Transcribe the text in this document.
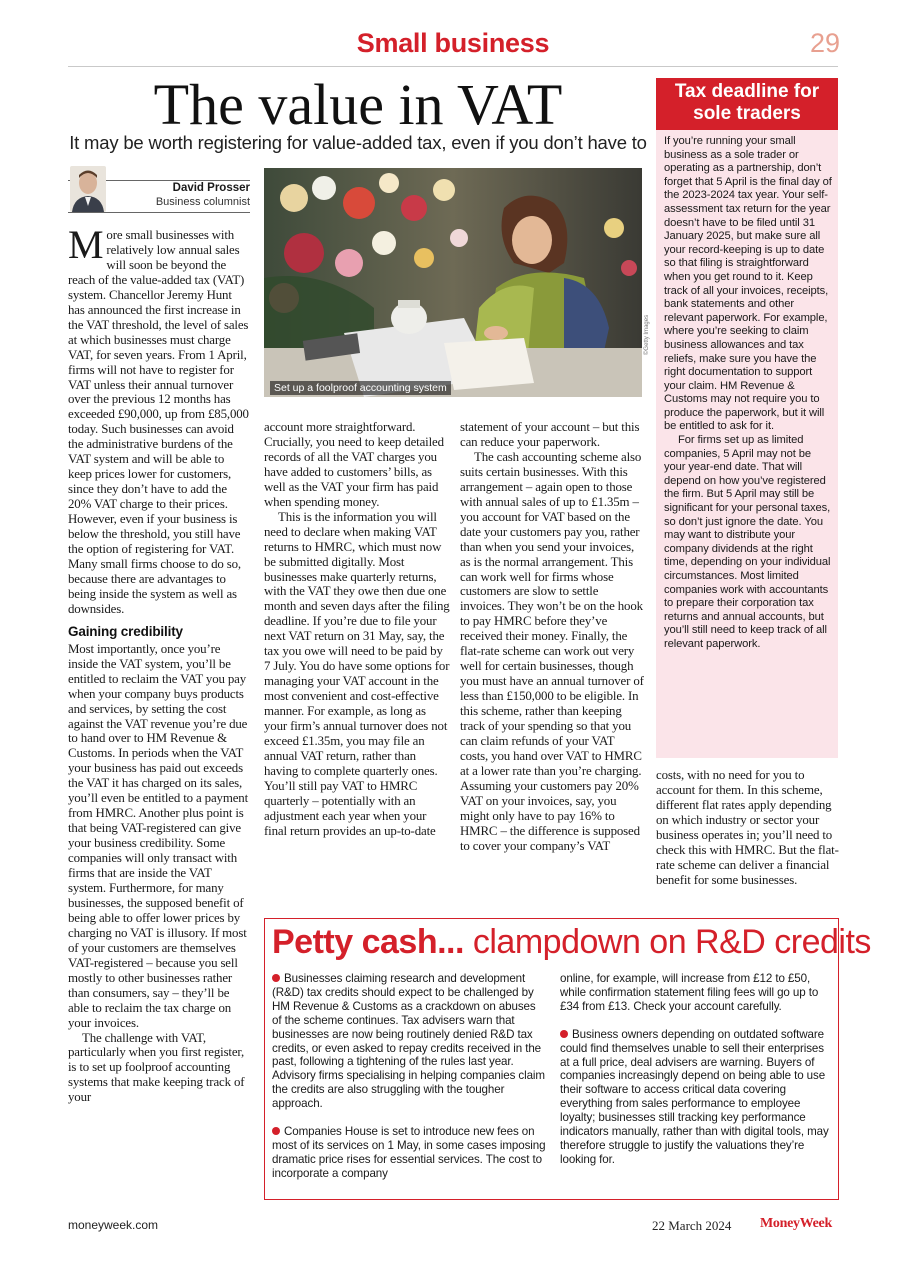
Small business	29
The value in VAT
It may be worth registering for value-added tax, even if you don’t have to
David Prosser
Business columnist

More small businesses with relatively low annual sales will soon be beyond the reach of the value-added tax (VAT) system. Chancellor Jeremy Hunt has announced the first increase in the VAT threshold, the level of sales at which businesses must charge VAT, for seven years. From 1 April, firms will not have to register for VAT unless their annual turnover over the previous 12 months has exceeded £90,000, up from £85,000 today. Such businesses can avoid the administrative burdens of the VAT system and will be able to keep prices lower for customers, since they don’t have to add the 20% VAT charge to their prices. However, even if your business is below the threshold, you still have the option of registering for VAT. Many small firms choose to do so, because there are advantages to being inside the system as well as downsides.

Gaining credibility

Most importantly, once you’re inside the VAT system, you’ll be entitled to reclaim the VAT you pay when your company buys products and services, by setting the cost against the VAT revenue you’re due to hand over to HM Revenue & Customs. In periods when the VAT your business has paid out exceeds the VAT it has charged on its sales, you’ll even be entitled to a payment from HMRC. Another plus point is that being VAT-registered can give your business credibility. Some companies will only transact with firms that are inside the VAT system. Furthermore, for many businesses, the supposed benefit of being able to offer lower prices by charging no VAT is illusory. If most of your customers are themselves VAT-registered – because you sell mostly to other businesses rather than consumers, say – they’ll be able to reclaim the tax charge on your invoices.

The challenge with VAT, particularly when you first register, is to set up foolproof accounting systems that make keeping track of your

Set up a foolproof accounting system
©Getty Images

account more straightforward. Crucially, you need to keep detailed records of all the VAT charges you have added to customers’ bills, as well as the VAT your firm has paid when spending money.

This is the information you will need to declare when making VAT returns to HMRC, which must now be submitted digitally. Most businesses make quarterly returns, with the VAT they owe then due one month and seven days after the filing deadline. If you’re due to file your next VAT return on 31 May, say, the tax you owe will need to be paid by 7 July. You do have some options for managing your VAT account in the most convenient and cost-effective manner. For example, as long as your firm’s annual turnover does not exceed £1.35m, you may file an annual VAT return, rather than having to complete quarterly ones. You’ll still pay VAT to HMRC quarterly – potentially with an adjustment each year when your final return provides an up-to-date

statement of your account – but this can reduce your paperwork.

The cash accounting scheme also suits certain businesses. With this arrangement – again open to those with annual sales of up to £1.35m – you account for VAT based on the date your customers pay you, rather than when you send your invoices, as is the normal arrangement. This can work well for firms whose customers are slow to settle invoices. They won’t be on the hook to pay HMRC before they’ve received their money. Finally, the flat-rate scheme can work out very well for certain businesses, though you must have an annual turnover of less than £150,000 to be eligible. In this scheme, rather than keeping track of your spending so that you can claim refunds of your VAT costs, you hand over VAT to HMRC at a lower rate than you’re charging. Assuming your customers pay 20% VAT on your invoices, say, you might only have to pay 16% to HMRC – the difference is supposed to cover your company’s VAT

costs, with no need for you to account for them. In this scheme, different flat rates apply depending on which industry or sector your business operates in; you’ll need to check this with HMRC. But the flat-rate scheme can deliver a financial benefit for some businesses.

Tax deadline for sole traders

If you’re running your small business as a sole trader or operating as a partnership, don’t forget that 5 April is the final day of the 2023-2024 tax year. Your self-assessment tax return for the year doesn’t have to be filed until 31 January 2025, but make sure all your record-keeping is up to date so that filing is straightforward when you get round to it. Keep track of all your invoices, receipts, bank statements and other relevant paperwork. For example, where you’re seeking to claim business allowances and tax reliefs, make sure you have the right documentation to support your claim. HM Revenue & Customs may not require you to produce the paperwork, but it will be entitled to ask for it.

For firms set up as limited companies, 5 April may not be your year-end date. That will depend on how you’ve registered the firm. But 5 April may still be significant for your personal taxes, so don’t just ignore the date. You may want to distribute your company dividends at the right time, depending on your individual circumstances. Most limited companies work with accountants to prepare their corporation tax returns and annual accounts, but you’ll still need to keep track of all relevant paperwork.

Petty cash... clampdown on R&D credits

Businesses claiming research and development (R&D) tax credits should expect to be challenged by HM Revenue & Customs as a crackdown on abuses of the scheme continues. Tax advisers warn that businesses are now being routinely denied R&D tax credits, or even asked to repay credits received in the past, following a tightening of the rules last year. Advisory firms specialising in helping companies claim the credits are also struggling with the tougher approach.

Companies House is set to introduce new fees on most of its services on 1 May, in some cases imposing dramatic price rises for essential services. The cost to incorporate a company

online, for example, will increase from £12 to £50, while confirmation statement filing fees will go up to £34 from £13. Check your account carefully.

Business owners depending on outdated software could find themselves unable to sell their enterprises at a full price, deal advisers are warning. Buyers of companies increasingly depend on being able to use their software to access critical data covering everything from sales performance to employee loyalty; businesses still tracking key performance indicators manually, rather than with digital tools, may therefore struggle to justify the valuations they’re looking for.

moneyweek.com	22 March 2024 MoneyWeek
